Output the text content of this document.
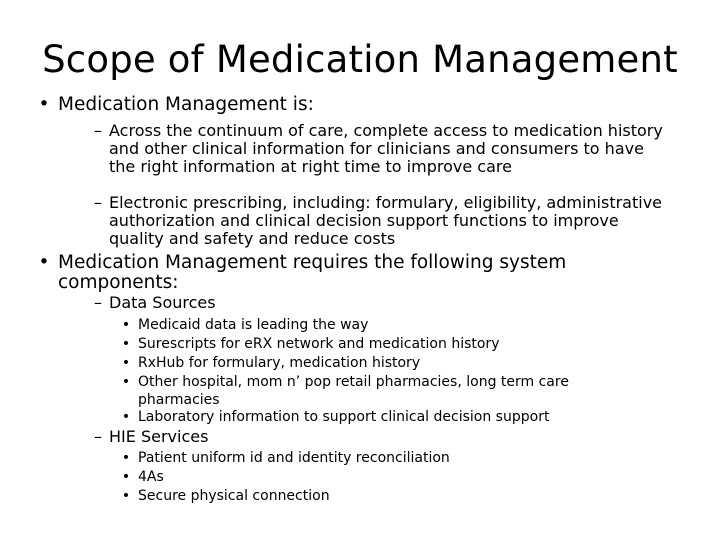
Scope of Medication Management
• Medication Management is:
– Across the continuum of care, complete access to medication history and other clinical information for clinicians and consumers to have the right information at right time to improve care
– Electronic prescribing, including: formulary, eligibility, administrative authorization and clinical decision support functions to improve quality and safety and reduce costs
• Medication Management requires the following system components:
– Data Sources
• Medicaid data is leading the way
• Surescripts for eRX network and medication history
• RxHub for formulary, medication history
• Other hospital, mom n’ pop retail pharmacies, long term care pharmacies
• Laboratory information to support clinical decision support
– HIE Services
• Patient uniform id and identity reconciliation
• 4As
• Secure physical connection
